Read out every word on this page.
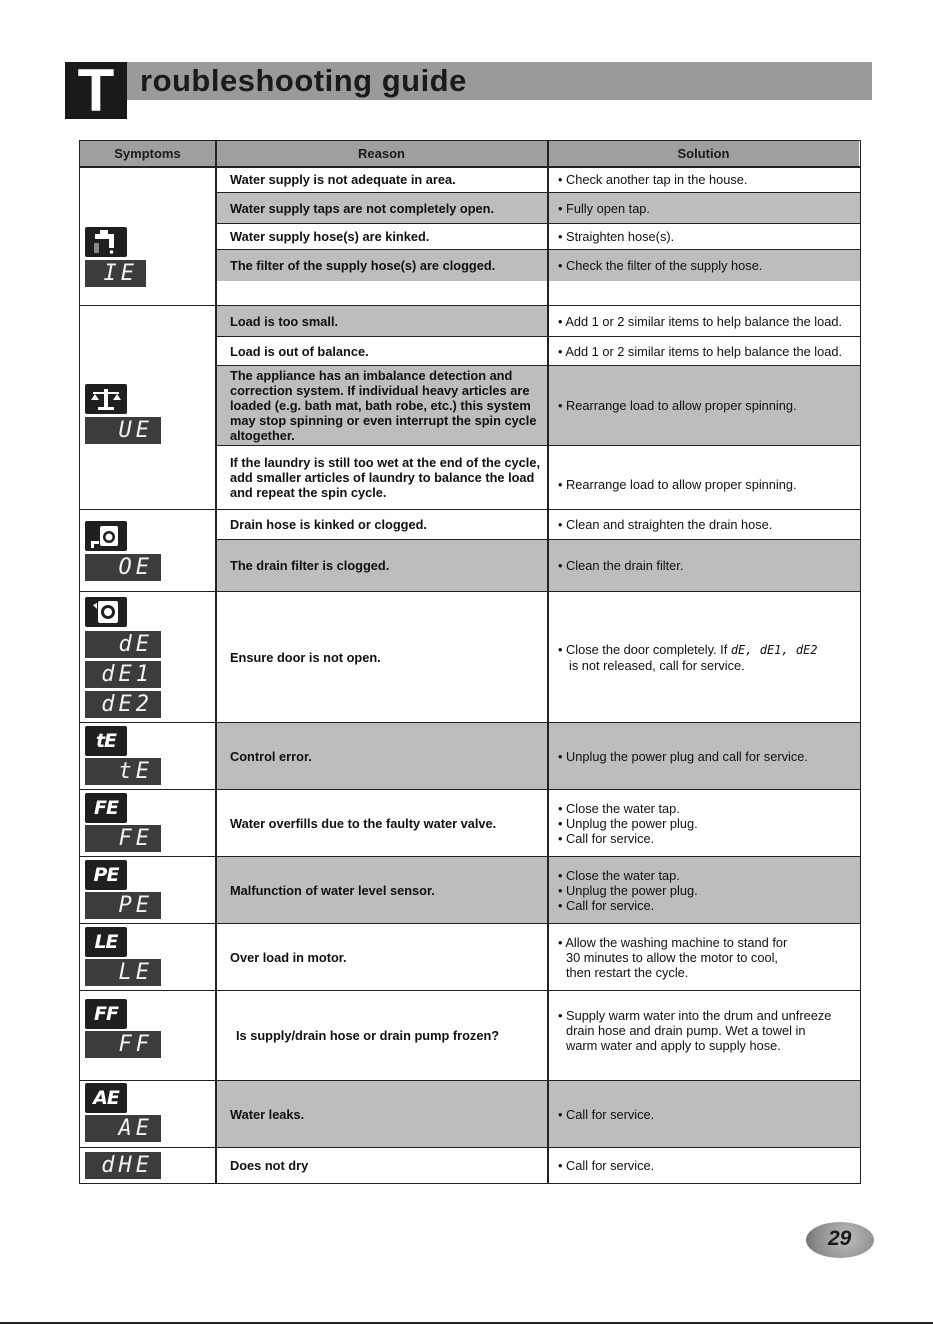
T roubleshooting guide
Symptoms	Reason	Solution
Water supply is not adequate in area.
Water supply taps are not completely open.
Water supply hose(s) are kinked.
The filter of the supply hose(s) are clogged.
Load is too small.
Load is out of balance.
The appliance has an imbalance detection and correction system. If individual heavy articles are loaded (e.g. bath mat, bath robe, etc.) this system may stop spinning or even interrupt the spin cycle altogether.
If the laundry is still too wet at the end of the cycle, add smaller articles of laundry to balance the load and repeat the spin cycle.
Drain hose is kinked or clogged.
The drain filter is clogged.
Ensure door is not open.
Control error.
Water overfills due to the faulty water valve.
Malfunction of water level sensor.
Over load in motor.
Is supply/drain hose or drain pump frozen?
Water leaks.
Does not dry
• Check another tap in the house.
• Fully open tap.
• Straighten hose(s).
• Check the filter of the supply hose.
• Add 1 or 2 similar items to help balance the load.
• Add 1 or 2 similar items to help balance the load.
• Rearrange load to allow proper spinning.
• Rearrange load to allow proper spinning.
• Clean and straighten the drain hose.
• Clean the drain filter.
• Close the door completely. If dE, dE1, dE2
is not released, call for service.
• Unplug the power plug and call for service.
• Close the water tap.
• Unplug the power plug.
• Call for service.
• Close the water tap.
• Unplug the power plug.
• Call for service.
• Allow the washing machine to stand for
30 minutes to allow the motor to cool,
then restart the cycle.
• Supply warm water into the drum and unfreeze
drain hose and drain pump. Wet a towel in
warm water and apply to supply hose.
• Call for service.
• Call for service.
IE
UE
OE
dE
dE1
dE2
tE
tE
FE
FE
PE
PE
LE
LE
FF
FF
AE
AE
dHE
29
